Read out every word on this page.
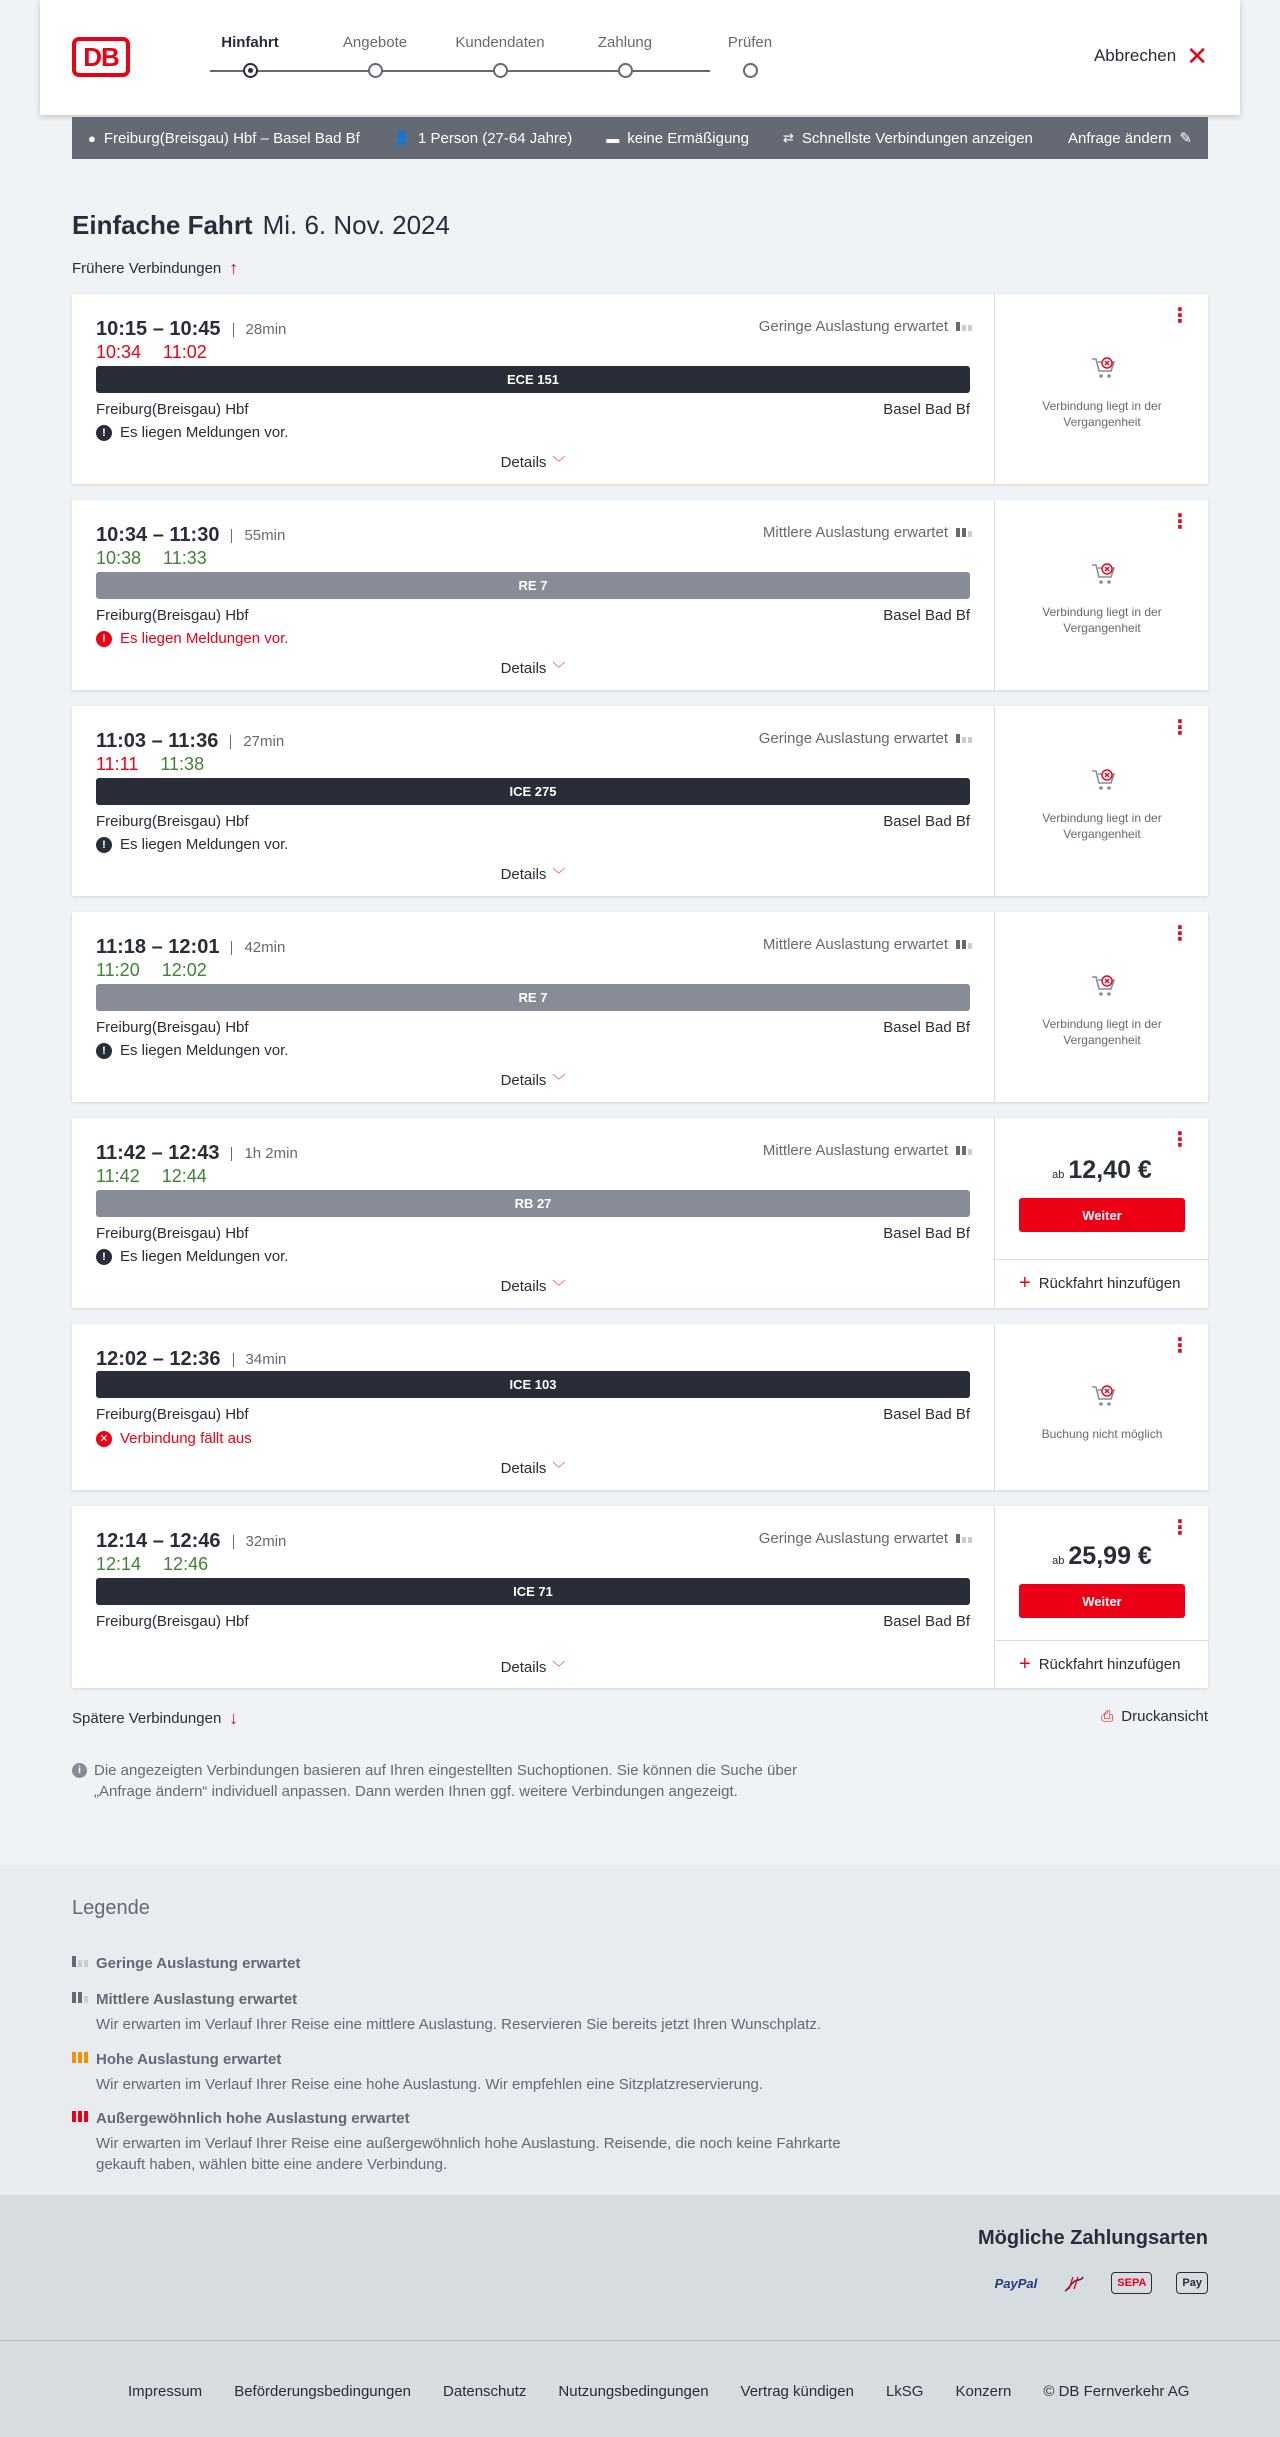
DB	Hinfahrt	Angebote	Kundendaten	Zahlung	Prüfen
Abbrechen ✕
● Freiburg(Breisgau) Hbf – Basel Bad Bf	👤 1 Person (27-64 Jahre)	▬ keine Ermäßigung	⇄ Schnellste Verbindungen anzeigen Anfrage ändern ✎
Einfache Fahrt Mi. 6. Nov. 2024
Frühere Verbindungen ↑
10:15 – 10:45	28min
10:34 11:02
Geringe Auslastung erwartet
ECE 151
Freiburg(Breisgau) Hbf	Basel Bad Bf
! Es liegen Meldungen vor.
Details ﹀
⋮
Verbindung liegt in der Vergangenheit
10:34 – 11:30	55min
10:38 11:33
Mittlere Auslastung erwartet
RE 7
Freiburg(Breisgau) Hbf	Basel Bad Bf
! Es liegen Meldungen vor.
Details ﹀
⋮
Verbindung liegt in der Vergangenheit
11:03 – 11:36	27min
11:11 11:38
Geringe Auslastung erwartet
ICE 275
Freiburg(Breisgau) Hbf	Basel Bad Bf
! Es liegen Meldungen vor.
Details ﹀
⋮
Verbindung liegt in der Vergangenheit
11:18 – 12:01	42min
11:20 12:02
Mittlere Auslastung erwartet
RE 7
Freiburg(Breisgau) Hbf	Basel Bad Bf
! Es liegen Meldungen vor.
Details ﹀
⋮
Verbindung liegt in der Vergangenheit
11:42 – 12:43	1h 2min
11:42 12:44
Mittlere Auslastung erwartet
RB 27
Freiburg(Breisgau) Hbf	Basel Bad Bf
! Es liegen Meldungen vor.
Details ﹀
⋮
ab 12,40 €
Weiter
+ Rückfahrt hinzufügen
12:02 – 12:36	34min
ICE 103
Freiburg(Breisgau) Hbf	Basel Bad Bf
✕ Verbindung fällt aus
Details ﹀
⋮
Buchung nicht möglich
12:14 – 12:46	32min
12:14 12:46
Geringe Auslastung erwartet
ICE 71
Freiburg(Breisgau) Hbf	Basel Bad Bf
Details ﹀
⋮
ab 25,99 €
Weiter
+ Rückfahrt hinzufügen
Spätere Verbindungen ↓	⎙ Druckansicht
i Die angezeigten Verbindungen basieren auf Ihren eingestellten Suchoptionen. Sie können die Suche über „Anfrage ändern“ individuell anpassen. Dann werden Ihnen ggf. weitere Verbindungen angezeigt.
Legende
Geringe Auslastung erwartet
Mittlere Auslastung erwartet

Wir erwarten im Verlauf Ihrer Reise eine mittlere Auslastung. Reservieren Sie bereits jetzt Ihren Wunschplatz.

Hohe Auslastung erwartet

Wir erwarten im Verlauf Ihrer Reise eine hohe Auslastung. Wir empfehlen eine Sitzplatzreservierung.

Außergewöhnlich hohe Auslastung erwartet

Wir erwarten im Verlauf Ihrer Reise eine außergewöhnlich hohe Auslastung. Reisende, die noch keine Fahrkarte gekauft haben, wählen bitte eine andere Verbindung.

Mögliche Zahlungsarten
PayPal	SEPA	Pay
Impressum Beförderungsbedingungen Datenschutz Nutzungsbedingungen Vertrag kündigen LkSG Konzern © DB Fernverkehr AG
